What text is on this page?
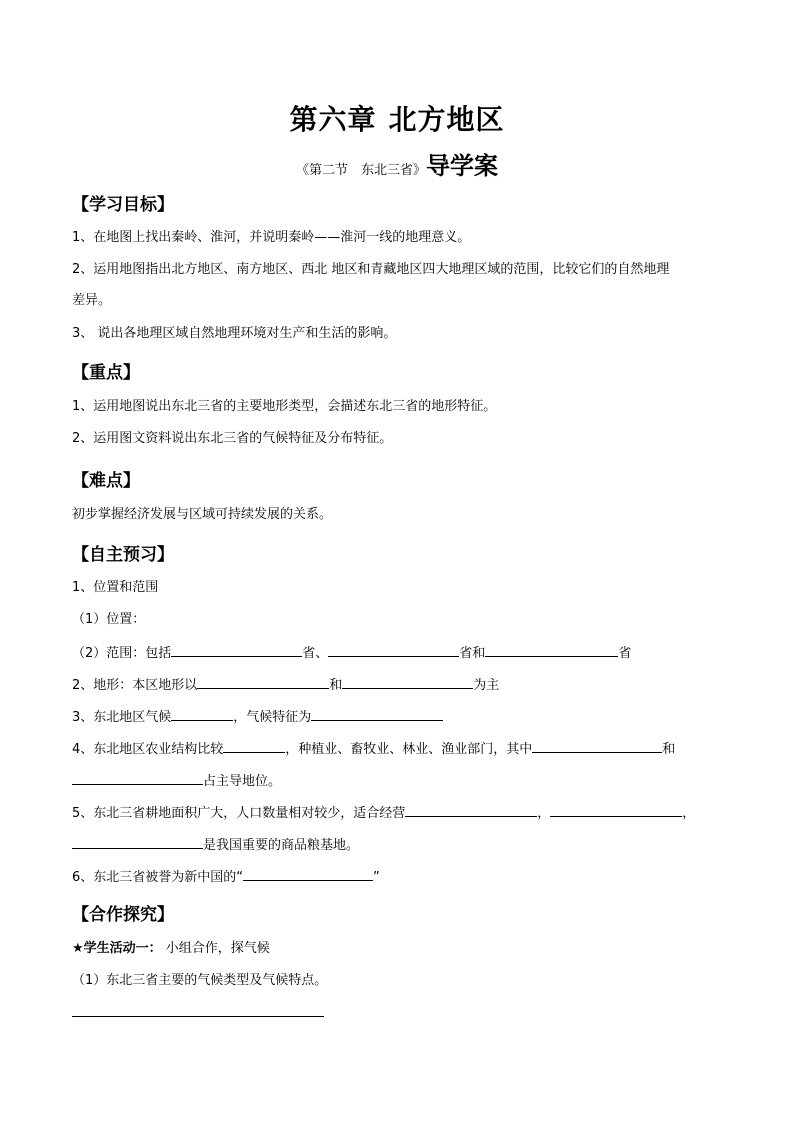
第六章 北方地区
《第二节　东北三省》导学案
【学习目标】
1、在地图上找出秦岭、淮河，并说明秦岭——淮河一线的地理意义。
2、运用地图指出北方地区、南方地区、西北 地区和青藏地区四大地理区域的范围，比较它们的自然地理
差异。
3、 说出各地理区域自然地理环境对生产和生活的影响。
【重点】
1、运用地图说出东北三省的主要地形类型，会描述东北三省的地形特征。
2、运用图文资料说出东北三省的气候特征及分布特征。
【难点】
初步掌握经济发展与区域可持续发展的关系。
【自主预习】
1、位置和范围
（1）位置：
（2）范围：包括	省、	省和	省
2、地形：本区地形以	和	为主
3、东北地区气候	，气候特征为
4、东北地区农业结构比较	，种植业、畜牧业、林业、渔业部门，其中	和
占主导地位。
5、东北三省耕地面积广大，人口数量相对较少，适合经营	，	，
是我国重要的商品粮基地。
6、东北三省被誉为新中国的“	”
【合作探究】
★学生活动一： 小组合作，探气候
（1）东北三省主要的气候类型及气候特点。
